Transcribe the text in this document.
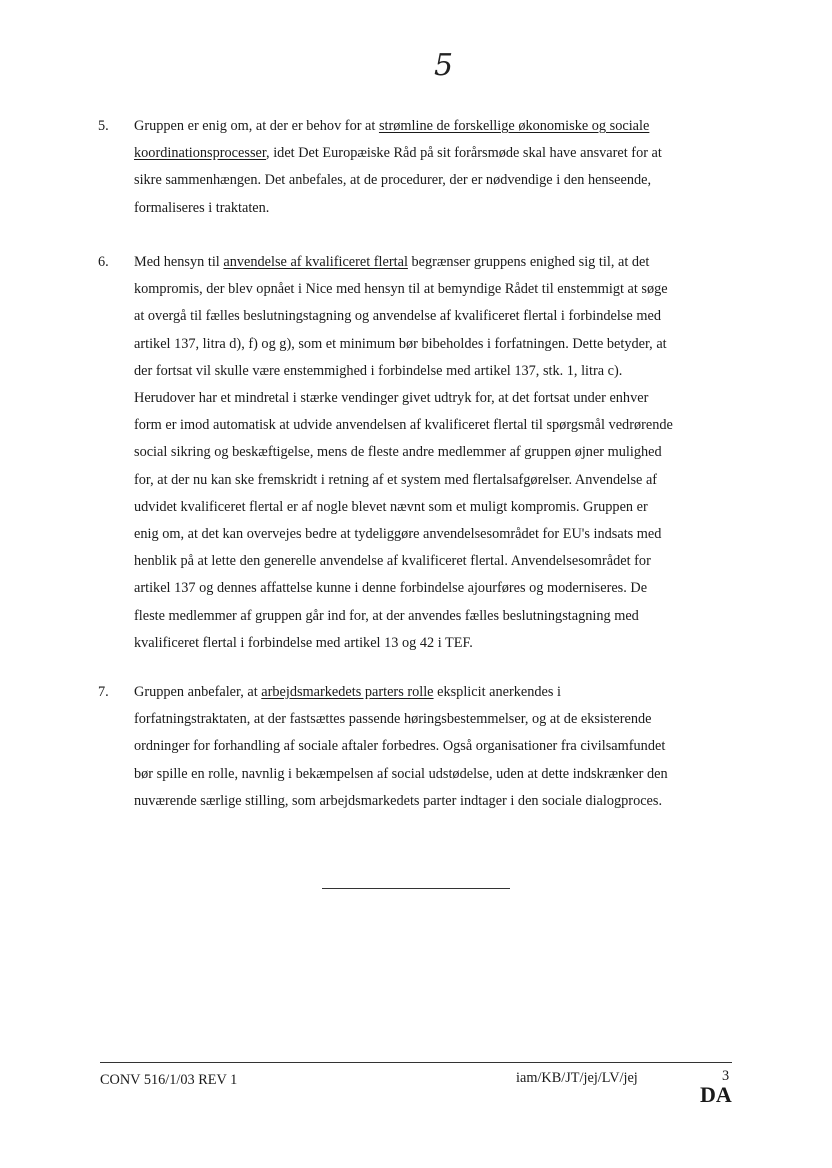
5
5. Gruppen er enig om, at der er behov for at strømline de forskellige økonomiske og sociale
koordinationsprocesser, idet Det Europæiske Råd på sit forårsmøde skal have ansvaret for at
sikre sammenhængen. Det anbefales, at de procedurer, der er nødvendige i den henseende,
formaliseres i traktaten.
6. Med hensyn til anvendelse af kvalificeret flertal begrænser gruppens enighed sig til, at det
kompromis, der blev opnået i Nice med hensyn til at bemyndige Rådet til enstemmigt at søge
at overgå til fælles beslutningstagning og anvendelse af kvalificeret flertal i forbindelse med
artikel 137, litra d), f) og g), som et minimum bør bibeholdes i forfatningen. Dette betyder, at
der fortsat vil skulle være enstemmighed i forbindelse med artikel 137, stk. 1, litra c).
Herudover har et mindretal i stærke vendinger givet udtryk for, at det fortsat under enhver
form er imod automatisk at udvide anvendelsen af kvalificeret flertal til spørgsmål vedrørende
social sikring og beskæftigelse, mens de fleste andre medlemmer af gruppen øjner mulighed
for, at der nu kan ske fremskridt i retning af et system med flertalsafgørelser. Anvendelse af
udvidet kvalificeret flertal er af nogle blevet nævnt som et muligt kompromis. Gruppen er
enig om, at det kan overvejes bedre at tydeliggøre anvendelsesområdet for EU's indsats med
henblik på at lette den generelle anvendelse af kvalificeret flertal. Anvendelsesområdet for
artikel 137 og dennes affattelse kunne i denne forbindelse ajourføres og moderniseres. De
fleste medlemmer af gruppen går ind for, at der anvendes fælles beslutningstagning med
kvalificeret flertal i forbindelse med artikel 13 og 42 i TEF.
7. Gruppen anbefaler, at arbejdsmarkedets parters rolle eksplicit anerkendes i
forfatningstraktaten, at der fastsættes passende høringsbestemmelser, og at de eksisterende
ordninger for forhandling af sociale aftaler forbedres. Også organisationer fra civilsamfundet
bør spille en rolle, navnlig i bekæmpelsen af social udstødelse, uden at dette indskrænker den
nuværende særlige stilling, som arbejdsmarkedets parter indtager i den sociale dialogproces.
CONV 516/1/03 REV 1	iam/KB/JT/jej/LV/jej	3
DA
